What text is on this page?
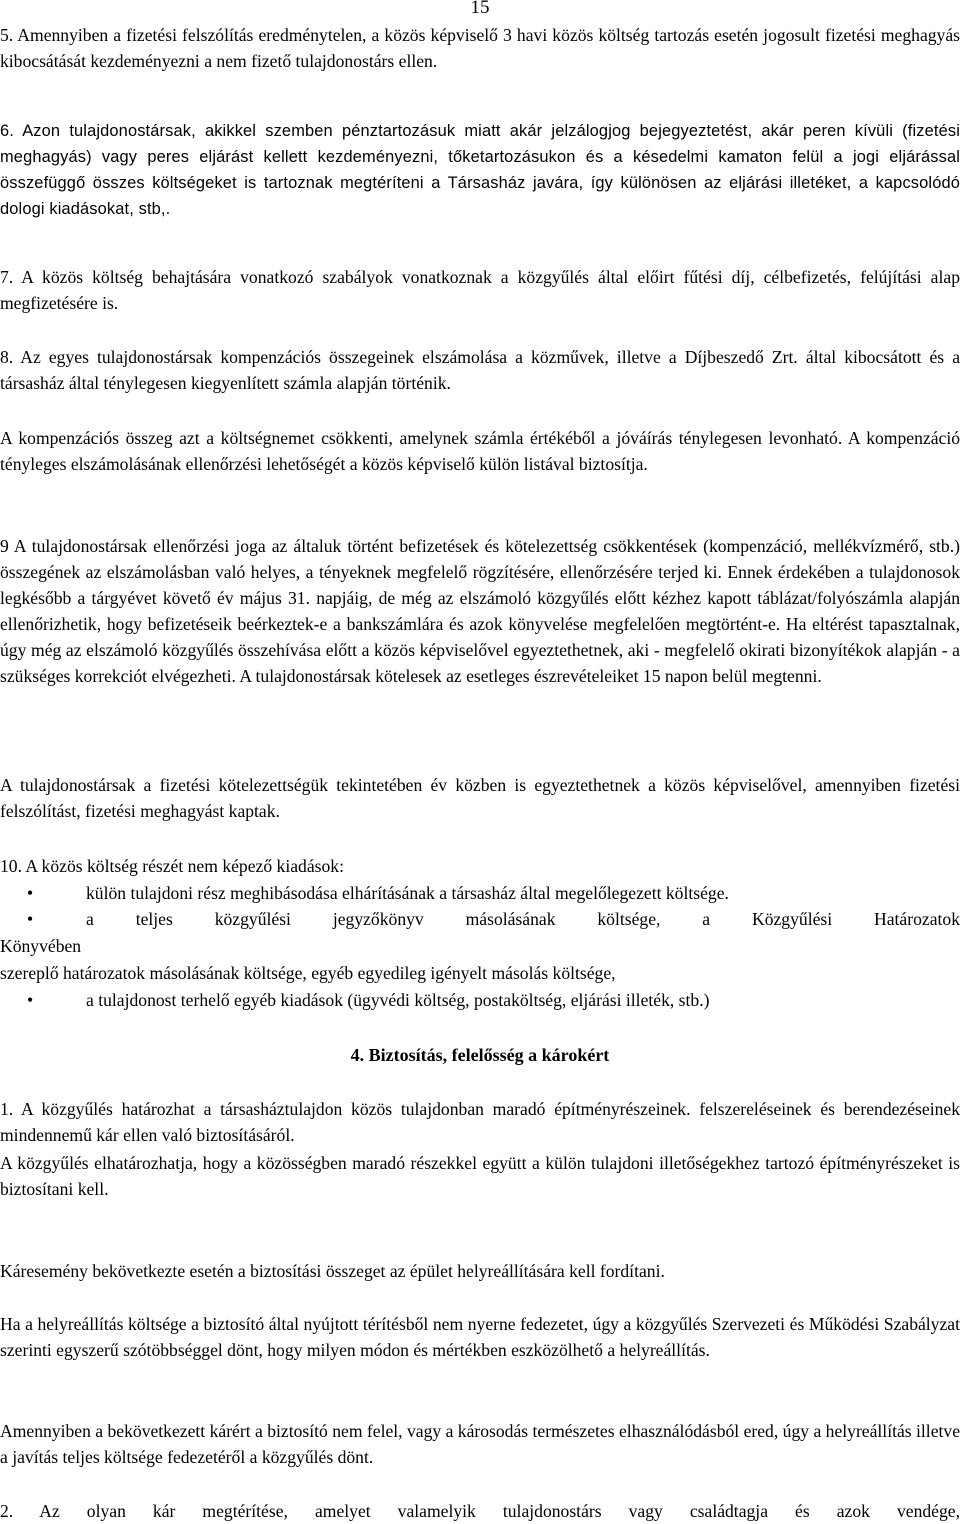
15

5. Amennyiben a fizetési felszólítás eredménytelen, a közös képviselő 3 havi közös költség tartozás esetén jogosult fizetési meghagyás kibocsátását kezdeményezni a nem fizető tulajdonostárs ellen.

6. Azon tulajdonostársak, akikkel szemben pénztartozásuk miatt akár jelzálogjog bejegyeztetést, akár peren kívüli (fizetési meghagyás) vagy peres eljárást kellett kezdeményezni, tőketartozásukon és a késedelmi kamaton felül a jogi eljárással összefüggő összes költségeket is tartoznak megtéríteni a Társasház javára, így különösen az eljárási illetéket, a kapcsolódó dologi kiadásokat, stb,.

7. A közös költség behajtására vonatkozó szabályok vonatkoznak a közgyűlés által előirt fűtési díj, célbefizetés, felújítási alap megfizetésére is.

8. Az egyes tulajdonostársak kompenzációs összegeinek elszámolása a közművek, illetve a Díjbeszedő Zrt. által kibocsátott és a társasház által ténylegesen kiegyenlített számla alapján történik.

A kompenzációs összeg azt a költségnemet csökkenti, amelynek számla értékéből a jóváírás ténylegesen levonható. A kompenzáció tényleges elszámolásának ellenőrzési lehetőségét a közös képviselő külön listával biztosítja.

9 A tulajdonostársak ellenőrzési joga az általuk történt befizetések és kötelezettség csökkentések (kompenzáció, mellékvízmérő, stb.) összegének az elszámolásban való helyes, a tényeknek megfelelő rögzítésére, ellenőrzésére terjed ki. Ennek érdekében a tulajdonosok legkésőbb a tárgyévet követő év május 31. napjáig, de még az elszámoló közgyűlés előtt kézhez kapott táblázat/folyószámla alapján ellenőrizhetik, hogy befizetéseik beérkeztek-e a bankszámlára és azok könyvelése megfelelően megtörtént-e. Ha eltérést tapasztalnak, úgy még az elszámoló közgyűlés összehívása előtt a közös képviselővel egyeztethetnek, aki - megfelelő okirati bizonyítékok alapján - a szükséges korrekciót elvégezheti. A tulajdonostársak kötelesek az esetleges észrevételeiket 15 napon belül megtenni.

A tulajdonostársak a fizetési kötelezettségük tekintetében év közben is egyeztethetnek a közös képviselővel, amennyiben fizetési felszólítást, fizetési meghagyást kaptak.

10. A közös költség részét nem képező kiadások:

•	külön tulajdoni rész meghibásodása elhárításának a társasház által megelőlegezett költsége.
•	a teljes közgyűlési jegyzőkönyv másolásának költsége, a Közgyűlési Határozatok

Könyvében

szereplő határozatok másolásának költsége, egyéb egyedileg igényelt másolás költsége,

•	a tulajdonost terhelő egyéb kiadások (ügyvédi költség, postaköltség, eljárási illeték, stb.)
4. Biztosítás, felelősség a károkért

1. A közgyűlés határozhat a társasháztulajdon közös tulajdonban maradó építményrészeinek. felszereléseinek és berendezéseinek mindennemű kár ellen való biztosításáról.

A közgyűlés elhatározhatja, hogy a közösségben maradó részekkel együtt a külön tulajdoni illetőségekhez tartozó építményrészeket is biztosítani kell.

Káresemény bekövetkezte esetén a biztosítási összeget az épület helyreállítására kell fordítani.

Ha a helyreállítás költsége a biztosító által nyújtott térítésből nem nyerne fedezetet, úgy a közgyűlés Szervezeti és Működési Szabályzat szerinti egyszerű szótöbbséggel dönt, hogy milyen módon és mértékben eszközölhető a helyreállítás.

Amennyiben a bekövetkezett kárért a biztosító nem felel, vagy a károsodás természetes elhasználódásból ered, úgy a helyreállítás illetve a javítás teljes költsége fedezetéről a közgyűlés dönt.

2. Az olyan kár megtérítése, amelyet valamelyik tulajdonostárs vagy családtagja és azok vendége,
